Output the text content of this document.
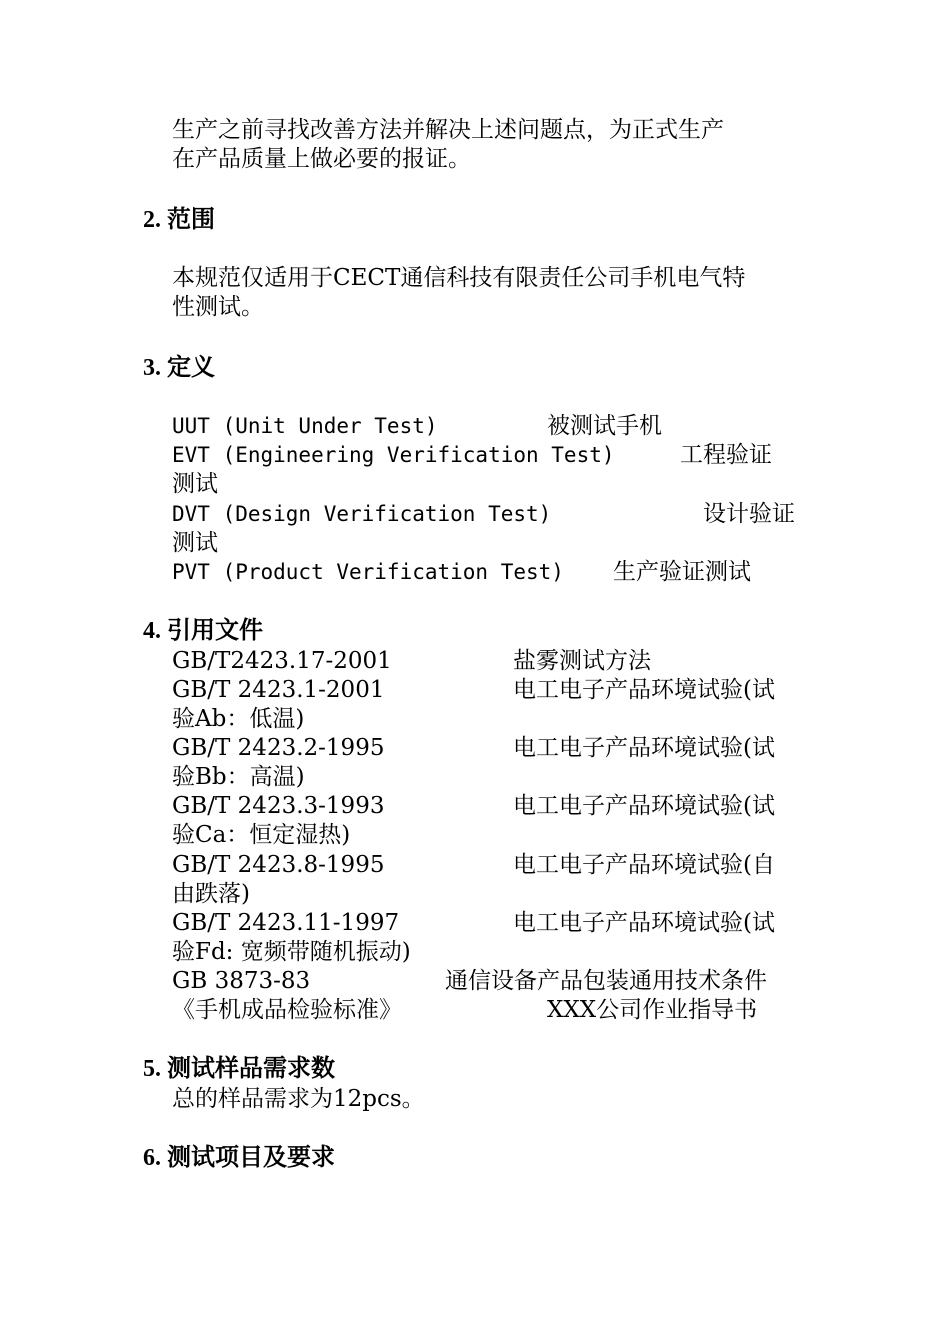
生产之前寻找改善方法并解决上述问题点，为正式生产
在产品质量上做必要的报证。
2. 范围
本规范仅适用于CECT通信科技有限责任公司手机电气特
性测试。
3. 定义
UUT (Unit Under Test)	被测试手机
EVT (Engineering Verification Test)	工程验证
测试
DVT (Design Verification Test)	设计验证
测试
PVT (Product Verification Test) 生产验证测试
4. 引用文件
GB/T2423.17-2001	盐雾测试方法
GB/T 2423.1-2001	电工电子产品环境试验(试
验Ab：低温)
GB/T 2423.2-1995	电工电子产品环境试验(试
验Bb：高温)
GB/T 2423.3-1993	电工电子产品环境试验(试
验Ca：恒定湿热)
GB/T 2423.8-1995	电工电子产品环境试验(自
由跌落)
GB/T 2423.11-1997	电工电子产品环境试验(试
验Fd: 宽频带随机振动)
GB 3873-83	通信设备产品包装通用技术条件
《手机成品检验标准》	XXX公司作业指导书
5. 测试样品需求数
总的样品需求为12pcs。
6. 测试项目及要求
